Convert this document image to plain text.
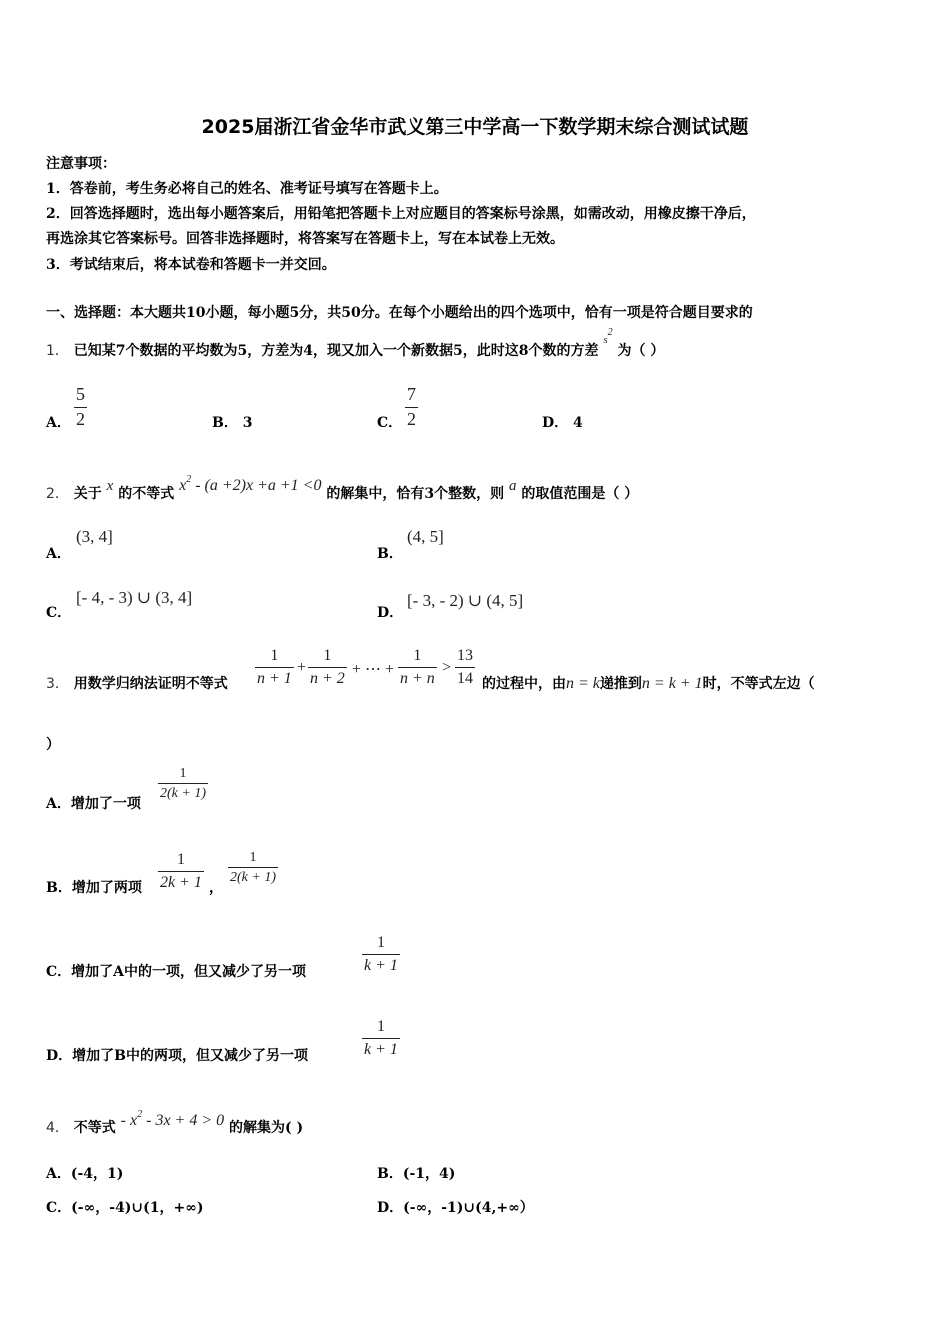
2025届浙江省金华市武义第三中学高一下数学期末综合测试试题
注意事项：
1．答卷前，考生务必将自己的姓名、准考证号填写在答题卡上。
2．回答选择题时，选出每小题答案后，用铅笔把答题卡上对应题目的答案标号涂黑，如需改动，用橡皮擦干净后，
再选涂其它答案标号。回答非选择题时，将答案写在答题卡上，写在本试卷上无效。
3．考试结束后，将本试卷和答题卡一并交回。
一、选择题：本大题共10小题，每小题5分，共50分。在每个小题给出的四个选项中，恰有一项是符合题目要求的
1． 已知某7个数据的平均数为5，方差为4，现又加入一个新数据5，此时这8个数的方差 $^{s2}$ 为（ ）
A．
5
2	B． 3	C．
7
2	D． 4
2． 关于 x 的不等式 $x^2 - (a +2)x +a +1 <0$ 的解集中，恰有3个整数，则 a 的取值范围是（ ）
A．
(3, 4]
B．
(4, 5]
C．
[- 4, - 3) ∪ (3, 4]
D．
[- 3, - 2) ∪ (4, 5]
3． 用数学归纳法证明不等式
1
n + 1
+
1
n + 2
+ ⋯ +
1
n + n
>
13
14 的过程中，由n = k递推到n = k + 1时，不等式左边（
）
A．增加了一项
1
2(k + 1)
B．增加了两项
1
2k + 1 ，
1
2(k + 1)
C．增加了A中的一项，但又减少了另一项
1
k + 1
D．增加了B中的两项，但又减少了另一项
1
k + 1
4． 不等式 - $x^2 - 3x + 4 > 0$ 的解集为( )
A．(-4，1)	B．(-1，4)
C．(-∞，-4)∪(1，+∞)	D．(-∞，-1)∪(4,+∞）
